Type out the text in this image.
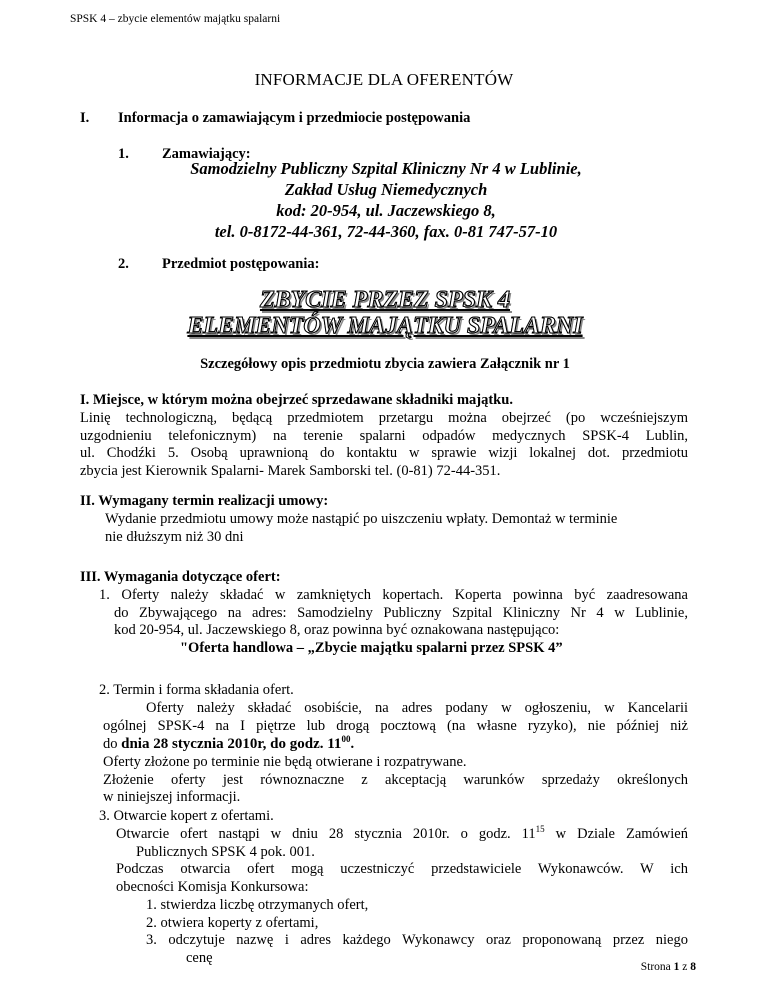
SPSK 4 – zbycie elementów majątku spalarni
INFORMACJE DLA OFERENTÓW
I. Informacja o zamawiającym i przedmiocie postępowania
1. Zamawiający:
Samodzielny Publiczny Szpital Kliniczny Nr 4 w Lublinie,
Zakład Usług Niemedycznych
kod: 20-954, ul. Jaczewskiego 8,
tel. 0-8172-44-361, 72-44-360, fax. 0-81 747-57-10
2. Przedmiot postępowania:
ZBYCIE PRZEZ SPSK 4
ELEMENTÓW MAJĄTKU SPALARNI
Szczegółowy opis przedmiotu zbycia zawiera Załącznik nr 1
I. Miejsce, w którym można obejrzeć sprzedawane składniki majątku.
Linię technologiczną, będącą przedmiotem przetargu można obejrzeć (po wcześniejszym
uzgodnieniu telefonicznym) na terenie spalarni odpadów medycznych SPSK-4 Lublin,
ul. Chodźki 5. Osobą uprawnioną do kontaktu w sprawie wizji lokalnej dot. przedmiotu
zbycia jest Kierownik Spalarni- Marek Samborski tel. (0-81) 72-44-351.
II. Wymagany termin realizacji umowy:
Wydanie przedmiotu umowy może nastąpić po uiszczeniu wpłaty. Demontaż w terminie
nie dłuższym niż 30 dni
III. Wymagania dotyczące ofert:
1. Oferty należy składać w zamkniętych kopertach. Koperta powinna być zaadresowana
do Zbywającego na adres: Samodzielny Publiczny Szpital Kliniczny Nr 4 w Lublinie,
kod 20-954, ul. Jaczewskiego 8, oraz powinna być oznakowana następująco:
"Oferta handlowa – „Zbycie majątku spalarni przez SPSK 4”
2. Termin i forma składania ofert.
Oferty należy składać osobiście, na adres podany w ogłoszeniu, w Kancelarii
ogólnej SPSK-4 na I piętrze lub drogą pocztową (na własne ryzyko), nie później niż
do dnia 28 stycznia 2010r, do godz. $11^{00}$.
Oferty złożone po terminie nie będą otwierane i rozpatrywane.
Złożenie oferty jest równoznaczne z akceptacją warunków sprzedaży określonych
w niniejszej informacji.
3. Otwarcie kopert z ofertami.
Otwarcie ofert nastąpi w dniu 28 stycznia 2010r. o godz. $11^{15}$ w Dziale Zamówień
Publicznych SPSK 4 pok. 001.
Podczas otwarcia ofert mogą uczestniczyć przedstawiciele Wykonawców. W ich
obecności Komisja Konkursowa:
1. stwierdza liczbę otrzymanych ofert,
2. otwiera koperty z ofertami,
3. odczytuje nazwę i adres każdego Wykonawcy oraz proponowaną przez niego
cenę
Strona 1 z 8
